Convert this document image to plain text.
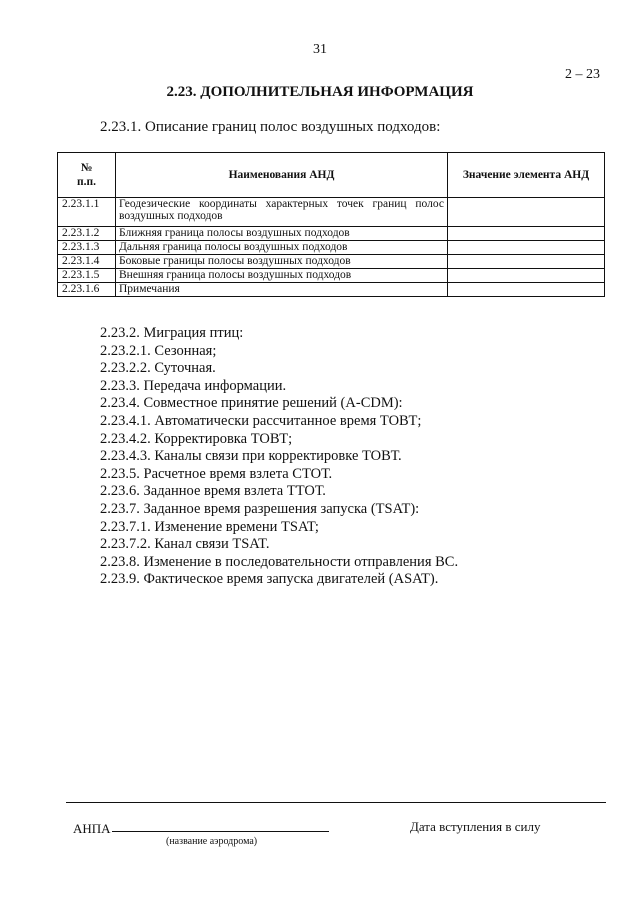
31
2 – 23
2.23. ДОПОЛНИТЕЛЬНАЯ ИНФОРМАЦИЯ
2.23.1. Описание границ полос воздушных подходов:
№
п.п.	Наименования АНД	Значение элемента АНД
2.23.1.1	Геодезические координаты характерных точек границ полос воздушных подходов	
2.23.1.2	Ближняя граница полосы воздушных подходов	
2.23.1.3	Дальняя граница полосы воздушных подходов	
2.23.1.4	Боковые границы полосы воздушных подходов	
2.23.1.5	Внешняя граница полосы воздушных подходов	
2.23.1.6	Примечания	
2.23.2. Миграция птиц:
2.23.2.1. Сезонная;
2.23.2.2. Суточная.
2.23.3. Передача информации.
2.23.4. Совместное принятие решений (A-CDM):
2.23.4.1. Автоматически рассчитанное время ТОВТ;
2.23.4.2. Корректировка ТОВТ;
2.23.4.3. Каналы связи при корректировке ТОВТ.
2.23.5. Расчетное время взлета СТОТ.
2.23.6. Заданное время взлета ТТОТ.
2.23.7. Заданное время разрешения запуска (TSAT):
2.23.7.1. Изменение времени TSAT;
2.23.7.2. Канал связи TSAT.
2.23.8. Изменение в последовательности отправления ВС.
2.23.9. Фактическое время запуска двигателей (ASAT).
АНПА
(название аэродрома)
Дата вступления в силу
